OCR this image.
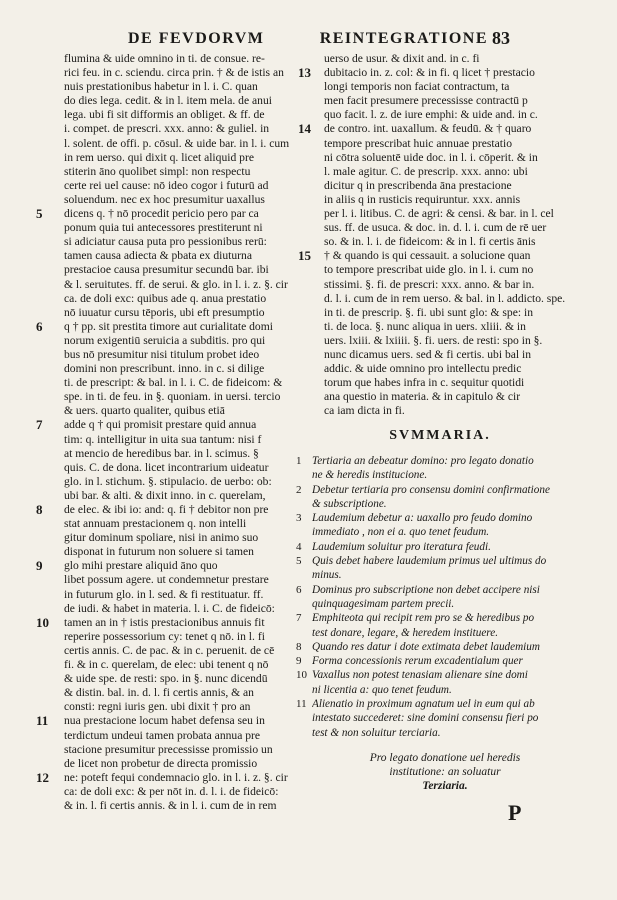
DE FEVDORVM	REINTEGRATIONE 83
flumina & uide omnino in ti. de consue. re-
rici feu. in c. sciendu. circa prin. † & de istis an
nuis prestationibus habetur in l. i. C. quan
do dies lega. cedit. & in l. item mela. de anui
lega. ubi fi sit difformis an obliget. & ff. de
i. compet. de prescri. xxx. anno: & guliel. in
l. solent. de offi. p. cōsul. & uide bar. in l. i. cum
in rem uerso. qui dixit q. licet aliquid pre
stiterin āno quolibet simpl: non respectu
certe rei uel cause: nō ideo cogor i futurū ad
soluendum. nec ex hoc presumitur uaxallus
5	dicens q. † nō procedit pericio pero par ca
ponum quia tui antecessores prestiterunt ni
si adiciatur causa puta pro pessionibus rerū:
tamen causa adiecta & pbata ex diuturna
prestacioe causa presumitur secundū bar. ibi
& l. seruitutes. ff. de serui. & glo. in l. i. z. §. cir
ca. de doli exc: quibus ade q. anua prestatio
nō iuuatur cursu tēporis, ubi eft presumptio
6	q † pp. sit prestita timore aut curialitate domi
norum exigentiū seruicia a subditis. pro qui
bus nō presumitur nisi titulum probet ideo
domini non prescribunt. inno. in c. si dilige
ti. de prescript: & bal. in l. i. C. de fideicom: &
spe. in ti. de feu. in §. quoniam. in uersi. tercio
& uers. quarto qualiter, quibus etiā
7	adde q † qui promisit prestare quid annua
tim: q. intelligitur in uita sua tantum: nisi f
at mencio de heredibus bar. in l. scimus. §
quis. C. de dona. licet incontrarium uideatur
glo. in l. stichum. §. stipulacio. de uerbo: ob:
ubi bar. & alti. & dixit inno. in c. querelam,
8	de elec. & ibi io: and: q. fi † debitor non pre
stat annuam prestacionem q. non intelli
gitur dominum spoliare, nisi in animo suo
disponat in futurum non soluere si tamen
9	glo mihi prestare aliquid āno quo
libet possum agere. ut condemnetur prestare
in futurum glo. in l. sed. & fi restituatur. ff.
de iudi. & habet in materia. l. i. C. de fideicō:
10	tamen an in † istis prestacionibus annuis fit
reperire possessorium cy: tenet q nō. in l. fi
certis annis. C. de pac. & in c. peruenit. de cē
fi. & in c. querelam, de elec: ubi tenent q nō
& uide spe. de resti: spo. in §. nunc dicendū
& distin. bal. in. d. l. fi certis annis, & an
consti: regni iuris gen. ubi dixit † pro an
11	nua prestacione locum habet defensa seu in
terdictum undeui tamen probata annua pre
stacione presumitur precessisse promissio un
de licet non probetur de directa promissio
12	ne: poteft fequi condemnacio glo. in l. i. z. §. cir
ca: de doli exc: & per nōt in. d. l. i. de fideicō:
& in. l. fi certis annis. & in l. i. cum de in rem
uerso de usur. & dixit and. in c. fi
13	dubitacio in. z. col: & in fi. q licet † prestacio
longi temporis non faciat contractum, ta
men facit presumere precessisse contractū p
quo facit. l. z. de iure emphi: & uide and. in c.
14	de contro. int. uaxallum. & feudū. & † quaro
tempore prescribat huic annuae prestatio
ni cōtra soluentē uide doc. in l. i. cōperit. & in
l. male agitur. C. de prescrip. xxx. anno: ubi
dicitur q in prescribenda āna prestacione
in aliis q in rusticis requiruntur. xxx. annis
per l. i. litibus. C. de agri: & censi. & bar. in l. cel
sus. ff. de usuca. & doc. in. d. l. i. cum de rē uer
so. & in. l. i. de fideicom: & in l. fi certis ānis
15	† & quando is qui cessauit. a solucione quan
to tempore prescribat uide glo. in l. i. cum no
stissimi. §. fi. de prescri: xxx. anno. & bar in.
d. l. i. cum de in rem uerso. & bal. in l. addicto. spe.
in ti. de prescrip. §. fi. ubi sunt glo: & spe: in
ti. de loca. §. nunc aliqua in uers. xliii. & in
uers. lxiii. & lxiiii. §. fi. uers. de resti: spo in §.
nunc dicamus uers. sed & fi certis. ubi bal in
addic. & uide omnino pro intellectu predic
torum que habes infra in c. sequitur quotidi
ana questio in materia. & in capitulo & cir
ca iam dicta in fi.
SVMMARIA.
1 Tertiaria an debeatur domino: pro legato donatio
ne & heredis institucione.
2 Debetur tertiaria pro consensu domini confirmatione
& subscriptione.
3 Laudemium debetur a: uaxallo pro feudo domino
immediato , non ei a. quo tenet feudum.
4 Laudemium soluitur pro iteratura feudi.
5 Quis debet habere laudemium primus uel ultimus do
minus.
6 Dominus pro subscriptione non debet accipere nisi
quinquagesimam partem precii.
7 Emphiteota qui recipit rem pro se & heredibus po
test donare, legare, & heredem instituere.
8 Quando res datur i dote extimata debet laudemium
9 Forma concessionis rerum excadentialum quer
10 Vaxallus non potest tenasiam alienare sine domi
ni licentia a: quo tenet feudum.
11 Alienatio in proximum agnatum uel in eum qui ab
intestato succederet: sine domini consensu fieri po
test & non soluitur terciaria.
Pro legato donatione uel heredis
institutione: an soluatur
Terziaria.
P
